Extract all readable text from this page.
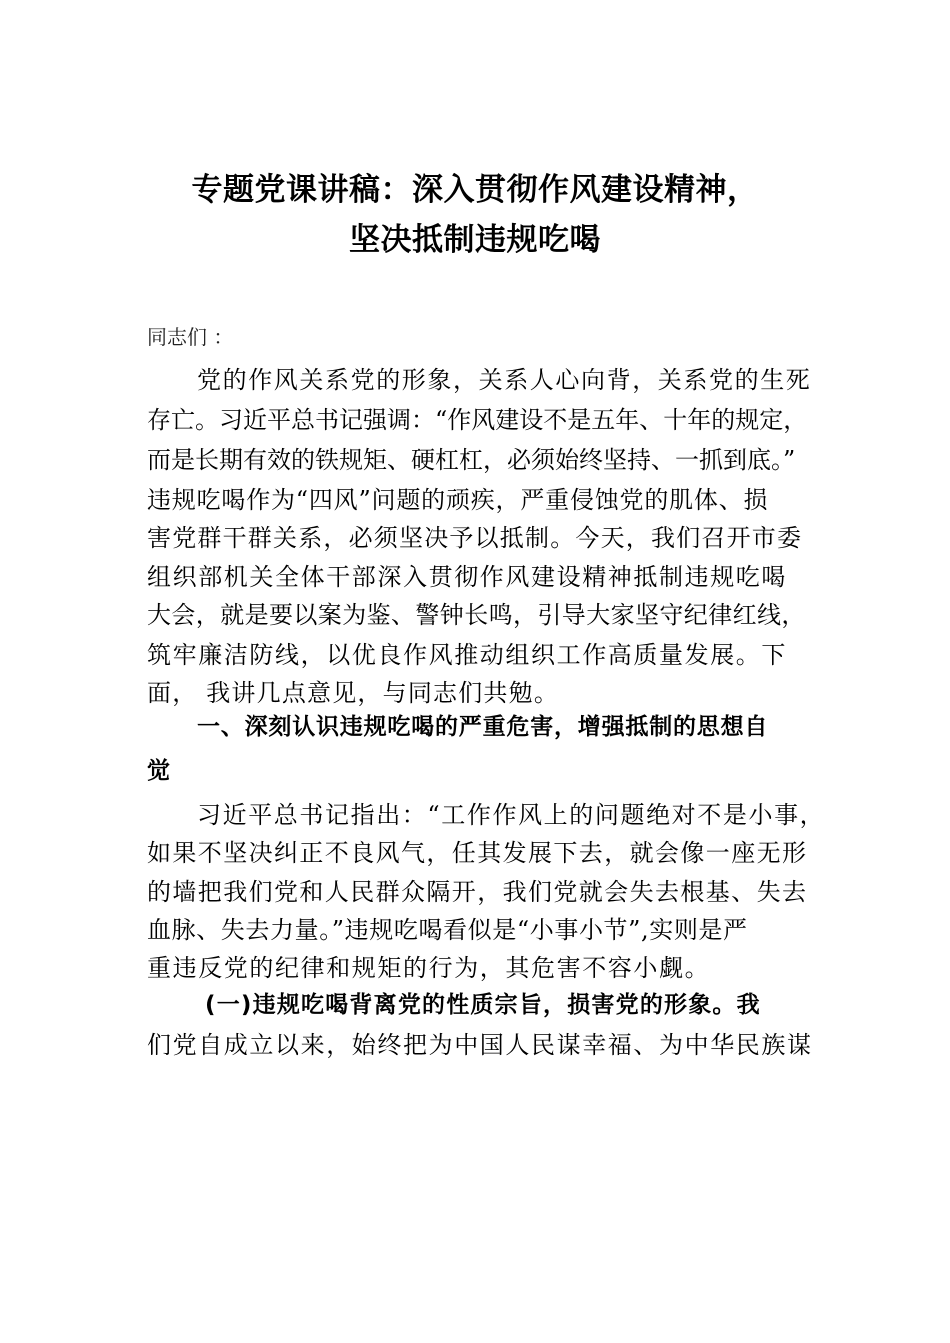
专题党课讲稿：深入贯彻作风建设精神，
坚决抵制违规吃喝
同志们 ：
党的作风关系党的形象，关系人心向背，关系党的生死
存亡。习近平总书记强调：“作风建设不是五年、十年的规定，
而是长期有效的铁规矩、硬杠杠，必须始终坚持、一抓到底。”
违规吃喝作为“四风”问题的顽疾，严重侵蚀党的肌体、损
害党群干群关系，必须坚决予以抵制。今天，我们召开市委
组织部机关全体干部深入贯彻作风建设精神抵制违规吃喝
大会，就是要以案为鉴、警钟长鸣，引导大家坚守纪律红线，
筑牢廉洁防线，以优良作风推动组织工作高质量发展。下
面， 我讲几点意见，与同志们共勉。
一、深刻认识违规吃喝的严重危害，增强抵制的思想自
觉
习近平总书记指出：“工作作风上的问题绝对不是小事，
如果不坚决纠正不良风气，任其发展下去，就会像一座无形
的墙把我们党和人民群众隔开，我们党就会失去根基、失去
血脉、失去力量。”违规吃喝看似是“小事小节”,实则是严
重违反党的纪律和规矩的行为，其危害不容小觑。
(一)违规吃喝背离党的性质宗旨，损害党的形象。我
们党自成立以来，始终把为中国人民谋幸福、为中华民族谋
